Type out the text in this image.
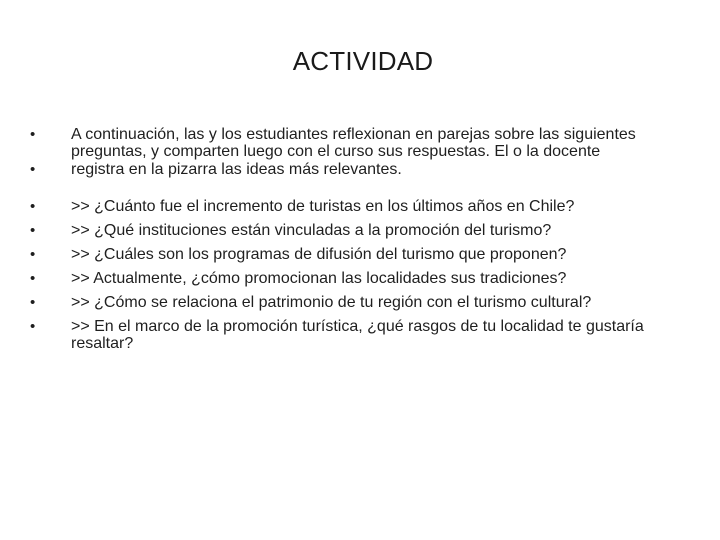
ACTIVIDAD
• A continuación, las y los estudiantes reflexionan en parejas sobre las siguientes preguntas, y comparten luego con el curso sus respuestas. El o la docente
• registra en la pizarra las ideas más relevantes.
• >> ¿Cuánto fue el incremento de turistas en los últimos años en Chile?
• >> ¿Qué instituciones están vinculadas a la promoción del turismo?
• >> ¿Cuáles son los programas de difusión del turismo que proponen?
• >> Actualmente, ¿cómo promocionan las localidades sus tradiciones?
• >> ¿Cómo se relaciona el patrimonio de tu región con el turismo cultural?
• >> En el marco de la promoción turística, ¿qué rasgos de tu localidad te gustaría resaltar?
